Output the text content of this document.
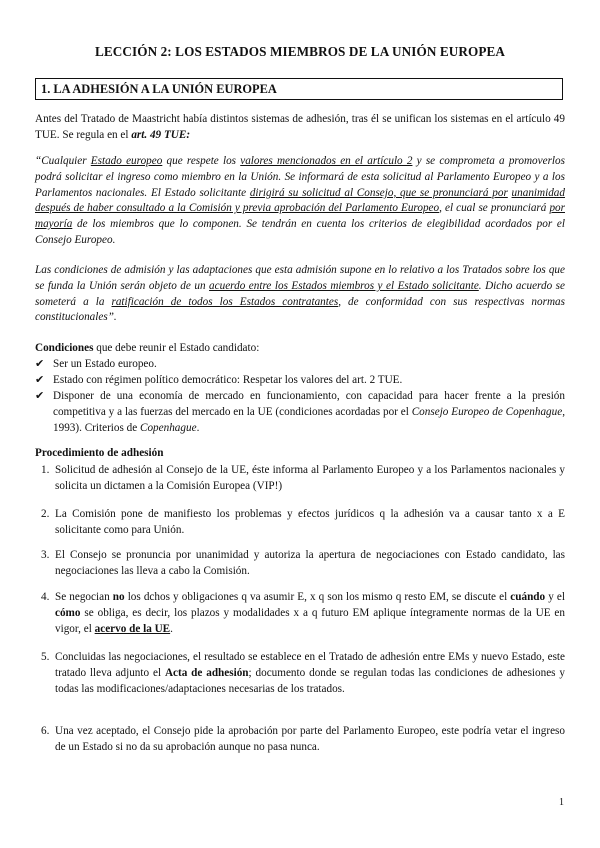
LECCIÓN 2: LOS ESTADOS MIEMBROS DE LA UNIÓN EUROPEA
1. LA ADHESIÓN A LA UNIÓN EUROPEA
Antes del Tratado de Maastricht había distintos sistemas de adhesión, tras él se unifican los sistemas en el artículo 49 TUE. Se regula en el art. 49 TUE:
“Cualquier Estado europeo que respete los valores mencionados en el artículo 2 y se comprometa a promoverlos podrá solicitar el ingreso como miembro en la Unión. Se informará de esta solicitud al Parlamento Europeo y a los Parlamentos nacionales. El Estado solicitante dirigirá su solicitud al Consejo, que se pronunciará por unanimidad después de haber consultado a la Comisión y previa aprobación del Parlamento Europeo, el cual se pronunciará por mayoría de los miembros que lo componen. Se tendrán en cuenta los criterios de elegibilidad acordados por el Consejo Europeo.
Las condiciones de admisión y las adaptaciones que esta admisión supone en lo relativo a los Tratados sobre los que se funda la Unión serán objeto de un acuerdo entre los Estados miembros y el Estado solicitante. Dicho acuerdo se someterá a la ratificación de todos los Estados contratantes, de conformidad con sus respectivas normas constitucionales”.
Condiciones que debe reunir el Estado candidato:
✔ Ser un Estado europeo.
✔ Estado con régimen político democrático: Respetar los valores del art. 2 TUE.
✔ Disponer de una economía de mercado en funcionamiento, con capacidad para hacer frente a la presión competitiva y a las fuerzas del mercado en la UE (condiciones acordadas por el Consejo Europeo de Copenhague, 1993). Criterios de Copenhague.
Procedimiento de adhesión
1. Solicitud de adhesión al Consejo de la UE, éste informa al Parlamento Europeo y a los Parlamentos nacionales y solicita un dictamen a la Comisión Europea (VIP!)
2. La Comisión pone de manifiesto los problemas y efectos jurídicos q la adhesión va a causar tanto x a E solicitante como para Unión.
3. El Consejo se pronuncia por unanimidad y autoriza la apertura de negociaciones con Estado candidato, las negociaciones las lleva a cabo la Comisión.
4. Se negocian no los dchos y obligaciones q va asumir E, x q son los mismo q resto EM, se discute el cuándo y el cómo se obliga, es decir, los plazos y modalidades x a q futuro EM aplique íntegramente normas de la UE en vigor, el acervo de la UE.
5. Concluidas las negociaciones, el resultado se establece en el Tratado de adhesión entre EMs y nuevo Estado, este tratado lleva adjunto el Acta de adhesión; documento donde se regulan todas las condiciones de adhesiones y todas las modificaciones/adaptaciones necesarias de los tratados.
6. Una vez aceptado, el Consejo pide la aprobación por parte del Parlamento Europeo, este podría vetar el ingreso de un Estado si no da su aprobación aunque no pasa nunca.
1
